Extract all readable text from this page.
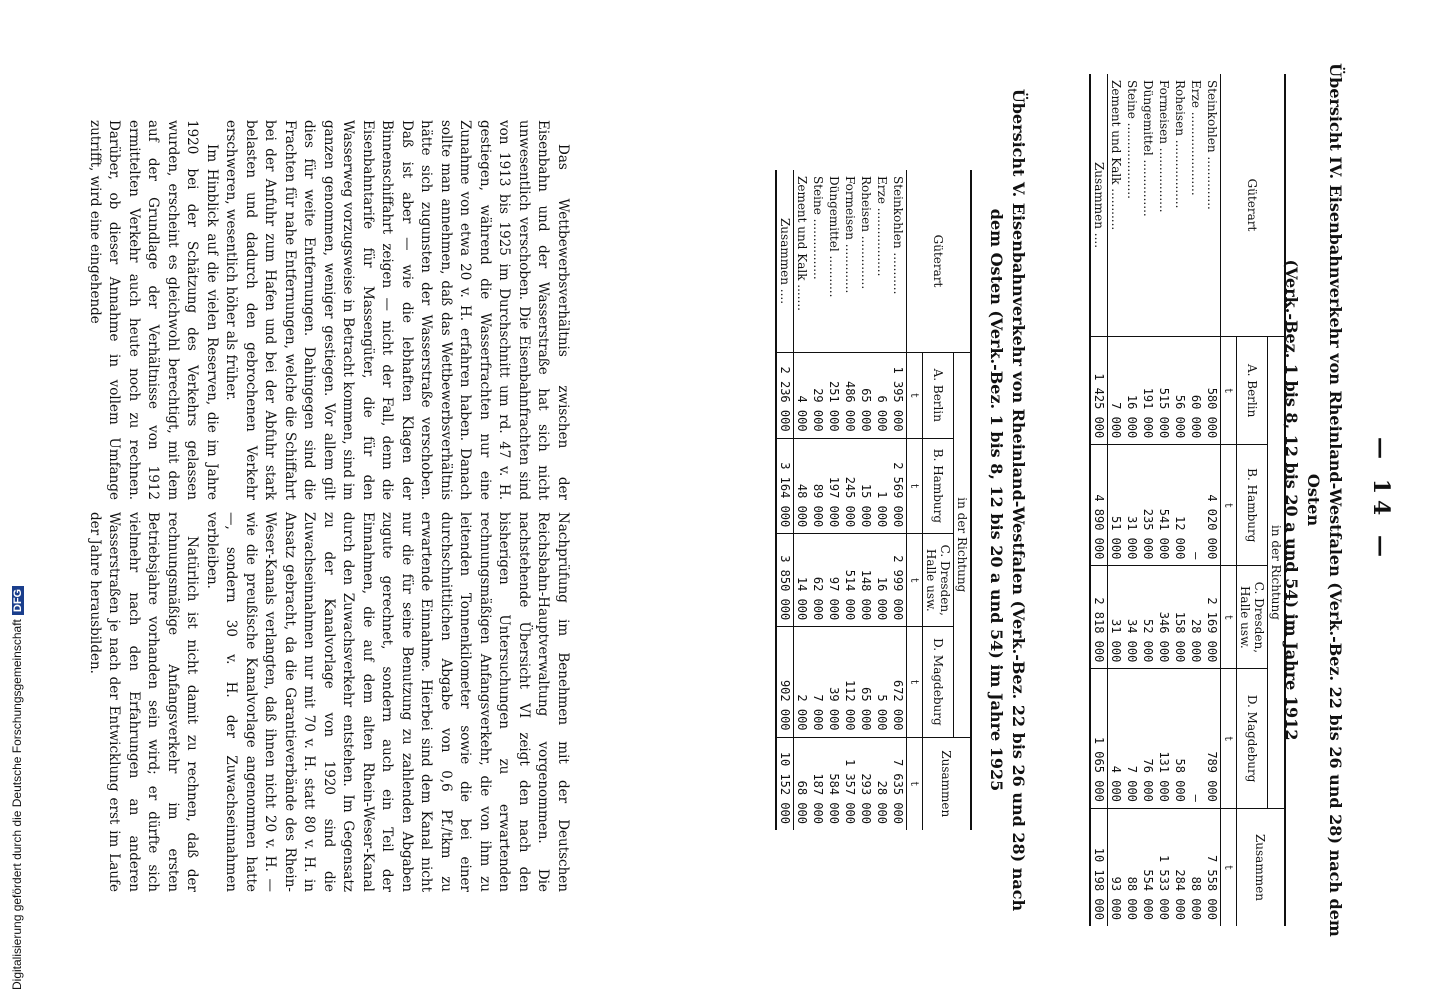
— 14 —
Übersicht IV. Eisenbahnverkehr von Rheinland-Westfalen (Verk.-Bez. 22 bis 26 und 28) nach dem Osten
(Verk.-Bez. 1 bis 8, 12 bis 20 a und 54) im Jahre 1912
Güterart	in der Richtung				Zusammen
	A. Berlin	B. Hamburg	C. Dresden, Halle usw.	D. Magdeburg	
	t	t	t	t	t
Steinkohlen ..............	580 000	4 020 000	2 169 000	789 000	7 558 000
Erze ......................	60 000	—	28 000	—	88 000
Roheisen ..................	56 000	12 000	158 000	58 000	284 000
Formeisen .................	515 000	541 000	346 000	131 000	1 533 000
Düngemittel ...............	191 000	235 000	52 000	76 000	554 000
Steine ....................	16 000	31 000	34 000	7 000	88 000
Zement und Kalk ...........	7 000	51 000	31 000	4 000	93 000
Zusammen ....	1 425 000	4 890 000	2 818 000	1 065 000	10 198 000
Übersicht V. Eisenbahnverkehr von Rheinland-Westfalen (Verk.-Bez. 22 bis 26 und 28) nach
dem Osten (Verk.-Bez. 1 bis 8, 12 bis 20 a und 54) im Jahre 1925
Güterart	in der Richtung				Zusammen
	A. Berlin	B. Hamburg	C. Dresden, Halle usw.	D. Magdeburg	
	t	t	t	t	t
Steinkohlen ...........	1 395 000	2 569 000	2 999 000	672 000	7 635 000
Erze ..................	6 000	1 000	16 000	5 000	28 000
Roheisen ..............	65 000	15 000	148 000	65 000	293 000
Formeisen .............	486 000	245 000	514 000	112 000	1 357 000
Düngemittel ...........	251 000	197 000	97 000	39 000	584 000
Steine ................	29 000	89 000	62 000	7 000	187 000
Zement und Kalk .......	4 000	48 000	14 000	2 000	68 000
Zusammen ....	2 236 000	3 164 000	3 850 000	902 000	10 152 000

Das Wettbewerbsverhältnis zwischen der Eisenbahn und der Wasserstraße hat sich nicht unwesentlich verschoben. Die Eisenbahnfrachten sind von 1913 bis 1925 im Durchschnitt um rd. 47 v. H. gestiegen, während die Wasserfrachten nur eine Zunahme von etwa 20 v. H. erfahren haben. Danach sollte man annehmen, daß das Wettbewerbsverhältnis hätte sich zugunsten der Wasserstraße verschoben. Daß ist aber — wie die lebhaften Klagen der Binnenschiffahrt zeigen — nicht der Fall, denn die Eisenbahntarife für Massengüter, die für den Wasserweg vorzugsweise in Betracht kommen, sind im ganzen genommen, weniger gestiegen. Vor allem gilt dies für weite Entfernungen. Dahingegen sind die Frachten für nahe Entfernungen, welche die Schiffahrt bei der Anfuhr zum Hafen und bei der Abfuhr stark belasten und dadurch den gebrochenen Verkehr erschweren, wesentlich höher als früher.

Im Hinblick auf die vielen Reserven, die im Jahre 1920 bei der Schätzung des Verkehrs gelassen wurden, erscheint es gleichwohl berechtigt, mit dem auf der Grundlage der Verhältnisse von 1912 ermittelten Verkehr auch heute noch zu rechnen. Darüber, ob dieser Annahme in vollem Umfange zutrifft, wird eine eingehende

Nachprüfung im Benehmen mit der Deutschen Reichsbahn-Hauptverwaltung vorgenommen. Die nachstehende Übersicht VI zeigt den nach den bisherigen Untersuchungen zu erwartenden rechnungsmäßigen Anfangsverkehr, die von ihm zu leitenden Tonnenkilometer sowie die bei einer durchschnittlichen Abgabe von 0,6 Pf./tkm zu erwartende Einnahme. Hierbei sind dem Kanal nicht nur die für seine Benutzung zu zahlenden Abgaben zugute gerechnet, sondern auch ein Teil der Einnahmen, die auf dem alten Rhein-Weser-Kanal durch den Zuwachsverkehr entstehen. Im Gegensatz zu der Kanalvorlage von 1920 sind die Zuwachseinnahmen nur mit 70 v. H. statt 80 v. H. in Ansatz gebracht, da die Garantieverbände des Rhein-Weser-Kanals verlangten, daß ihnen nicht 20 v. H. — wie die preußische Kanalvorlage angenommen hatte —, sondern 30 v. H. der Zuwachseinnahmen verbleiben.

Natürlich ist nicht damit zu rechnen, daß der rechnungsmäßige Anfangsverkehr im ersten Betriebsjahre vorhanden sein wird; er dürfte sich vielmehr nach den Erfahrungen an anderen Wasserstraßen je nach der Entwicklung erst im Laufe der Jahre herausbilden.

Digitalisierung gefördert durch die Deutsche ForschungsgemeinschaftDFG
